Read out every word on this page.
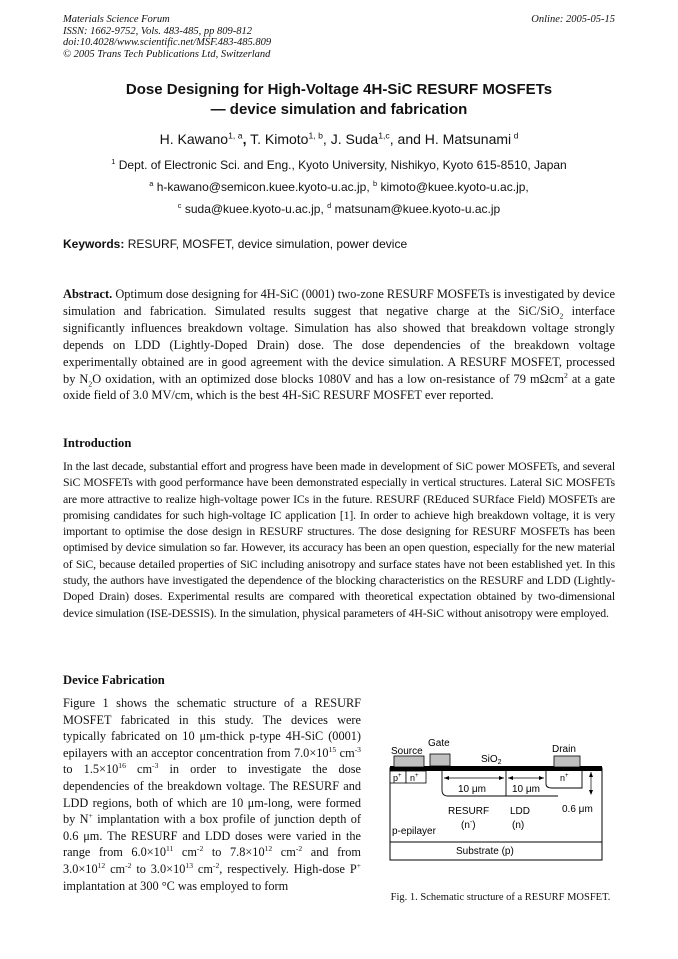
Materials Science Forum
ISSN: 1662-9752, Vols. 483-485, pp 809-812
doi:10.4028/www.scientific.net/MSF.483-485.809
© 2005 Trans Tech Publications Ltd, Switzerland
Online: 2005-05-15
Dose Designing for High-Voltage 4H-SiC RESURF MOSFETs
— device simulation and fabrication
H. Kawano$^{1, a}$, T. Kimoto$^{1, b}$, J. Suda$^{1,c}$, and H. Matsunami $^d$
$^1$ Dept. of Electronic Sci. and Eng., Kyoto University, Nishikyo, Kyoto 615-8510, Japan
$^a$ h-kawano@semicon.kuee.kyoto-u.ac.jp, $^b$ kimoto@kuee.kyoto-u.ac.jp,
$^c$ suda@kuee.kyoto-u.ac.jp, $^d$ matsunam@kuee.kyoto-u.ac.jp
Keywords: RESURF, MOSFET, device simulation, power device
Abstract. Optimum dose designing for 4H-SiC (0001) two-zone RESURF MOSFETs is investigated by device simulation and fabrication. Simulated results suggest that negative charge at the SiC/SiO$_2$ interface significantly influences breakdown voltage. Simulation has also showed that breakdown voltage strongly depends on LDD (Lightly-Doped Drain) dose. The dose dependencies of the breakdown voltage experimentally obtained are in good agreement with the device simulation. A RESURF MOSFET, processed by $N_2O$ oxidation, with an optimized dose blocks 1080V and has a low on-resistance of 79 mΩcm$^2$ at a gate oxide field of 3.0 MV/cm, which is the best 4H-SiC RESURF MOSFET ever reported.
Introduction
In the last decade, substantial effort and progress have been made in development of SiC power MOSFETs, and several SiC MOSFETs with good performance have been demonstrated especially in vertical structures. Lateral SiC MOSFETs are more attractive to realize high-voltage power ICs in the future. RESURF (REduced SURface Field) MOSFETs are promising candidates for such high-voltage IC application [1]. In order to achieve high breakdown voltage, it is very important to optimise the dose design in RESURF structures. The dose designing for RESURF MOSFETs has been optimised by device simulation so far. However, its accuracy has been an open question, especially for the new material of SiC, because detailed properties of SiC including anisotropy and surface states have not been established yet. In this study, the authors have investigated the dependence of the blocking characteristics on the RESURF and LDD (Lightly-Doped Drain) doses. Experimental results are compared with theoretical expectation obtained by two-dimensional device simulation (ISE-DESSIS). In the simulation, physical parameters of 4H-SiC without anisotropy were employed.
Device Fabrication
Figure 1 shows the schematic structure of a RESURF MOSFET fabricated in this study. The devices were typically fabricated on 10 μm-thick p-type 4H-SiC (0001) epilayers with an acceptor concentration from $7.0\times 10^{15}$ $cm^{-3}$ to $1.5\times 10^{16}$ $cm^{-3}$ in order to investigate the dose dependencies of the breakdown voltage. The RESURF and LDD regions, both of which are 10 μm-long, were formed by N+ implantation with a box profile of junction depth of 0.6 μm. The RESURF and LDD doses were varied in the range from $6.0\times 10^{11}$ $cm^{-2}$ to $7.8\times 10^{12}$ $cm^{-2}$ and from $3.0\times 10^{12}$ $cm^{-2}$ to $3.0\times 10^{13}$ $cm^{-2}$, respectively. High-dose P+ implantation at 300 °C was employed to form
Source
Gate
SiO$_2$
Drain
p+ n+	n+
10 μm	10 μm
0.6 μm
RESURF
(n-)
LDD
(n)
p-epilayer
Substrate (p)
Fig. 1. Schematic structure of a RESURF MOSFET.
